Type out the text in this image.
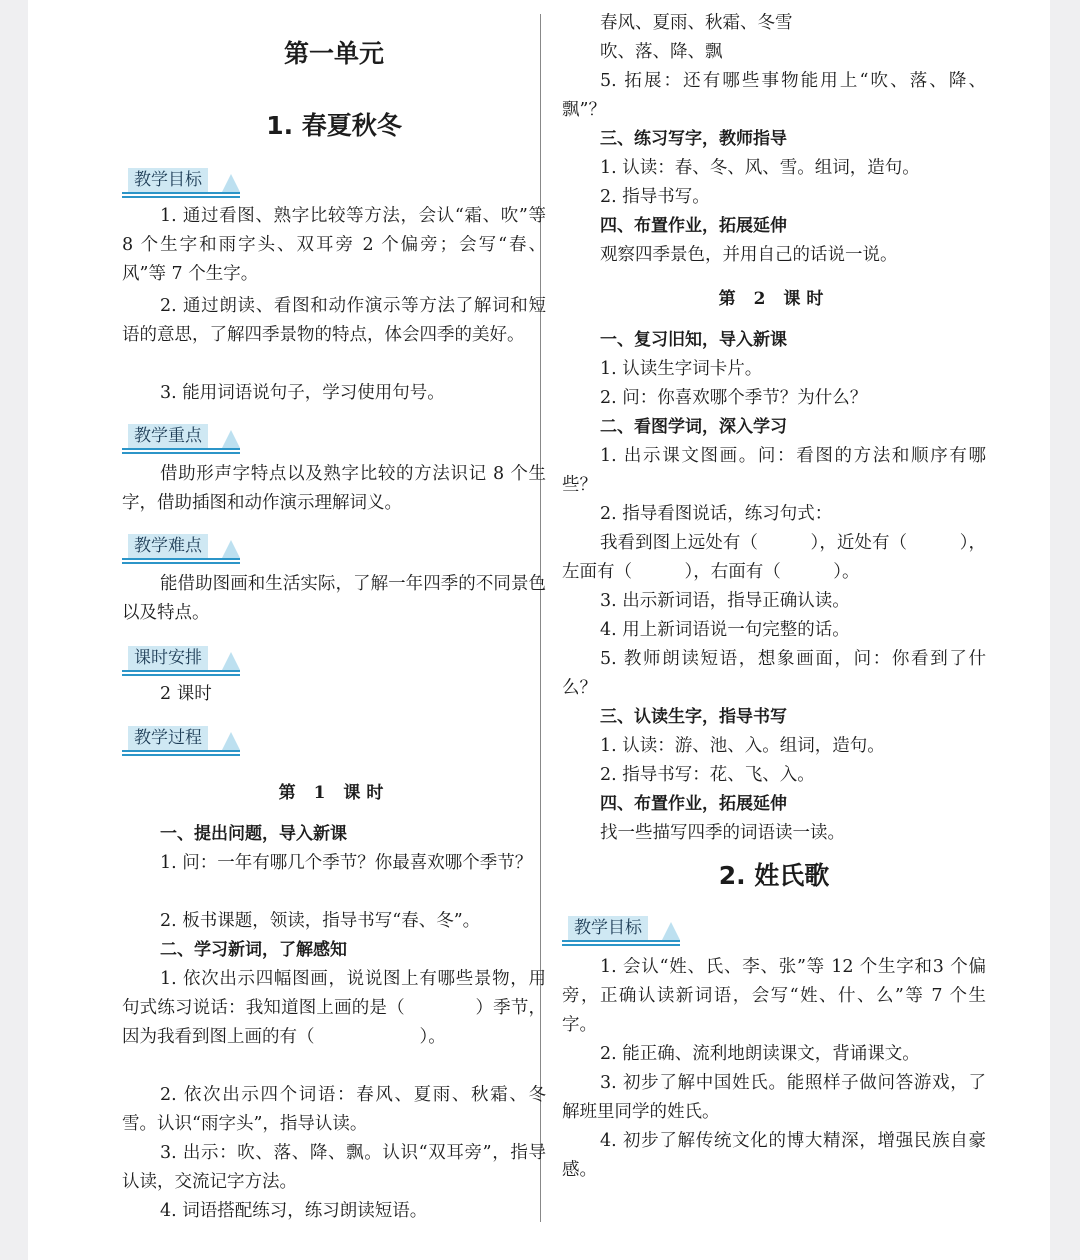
第一单元
1. 春夏秋冬
教学目标

1. 通过看图、熟字比较等方法，会认“霜、吹”等 8 个生字和雨字头、双耳旁 2 个偏旁；会写“春、风”等 7 个生字。

2. 通过朗读、看图和动作演示等方法了解词和短语的意思，了解四季景物的特点，体会四季的美好。

3. 能用词语说句子，学习使用句号。

教学重点

借助形声字特点以及熟字比较的方法识记 8 个生字，借助插图和动作演示理解词义。

教学难点

能借助图画和生活实际，了解一年四季的不同景色以及特点。

课时安排

2 课时

教学过程
第 1 课时

一、提出问题，导入新课

1. 问：一年有哪几个季节？你最喜欢哪个季节？

2. 板书课题，领读，指导书写“春、冬”。

二、学习新词，了解感知

1. 依次出示四幅图画，说说图上有哪些景物，用句式练习说话：我知道图上画的是（　　　　）季节，因为我看到图上画的有（　　　　　　）。

2. 依次出示四个词语：春风、夏雨、秋霜、冬雪。认识“雨字头”，指导认读。

3. 出示：吹、落、降、飘。认识“双耳旁”，指导认读，交流记字方法。

4. 词语搭配练习，练习朗读短语。

春风、夏雨、秋霜、冬雪

吹、落、降、飘

5. 拓展：还有哪些事物能用上“吹、落、降、飘”？

三、练习写字，教师指导

1. 认读：春、冬、风、雪。组词，造句。

2. 指导书写。

四、布置作业，拓展延伸

观察四季景色，并用自己的话说一说。

第 2 课时

一、复习旧知，导入新课

1. 认读生字词卡片。

2. 问：你喜欢哪个季节？为什么？

二、看图学词，深入学习

1. 出示课文图画。问：看图的方法和顺序有哪些？

2. 指导看图说话，练习句式：

我看到图上远处有（　　　），近处有（　　　），左面有（　　　），右面有（　　　）。

3. 出示新词语，指导正确认读。

4. 用上新词语说一句完整的话。

5. 教师朗读短语，想象画面，问：你看到了什么？

三、认读生字，指导书写

1. 认读：游、池、入。组词，造句。

2. 指导书写：花、飞、入。

四、布置作业，拓展延伸

找一些描写四季的词语读一读。

2. 姓氏歌
教学目标

1. 会认“姓、氏、李、张”等 12 个生字和3 个偏旁，正确认读新词语，会写“姓、什、么”等 7 个生字。

2. 能正确、流利地朗读课文，背诵课文。

3. 初步了解中国姓氏。能照样子做问答游戏，了解班里同学的姓氏。

4. 初步了解传统文化的博大精深，增强民族自豪感。
